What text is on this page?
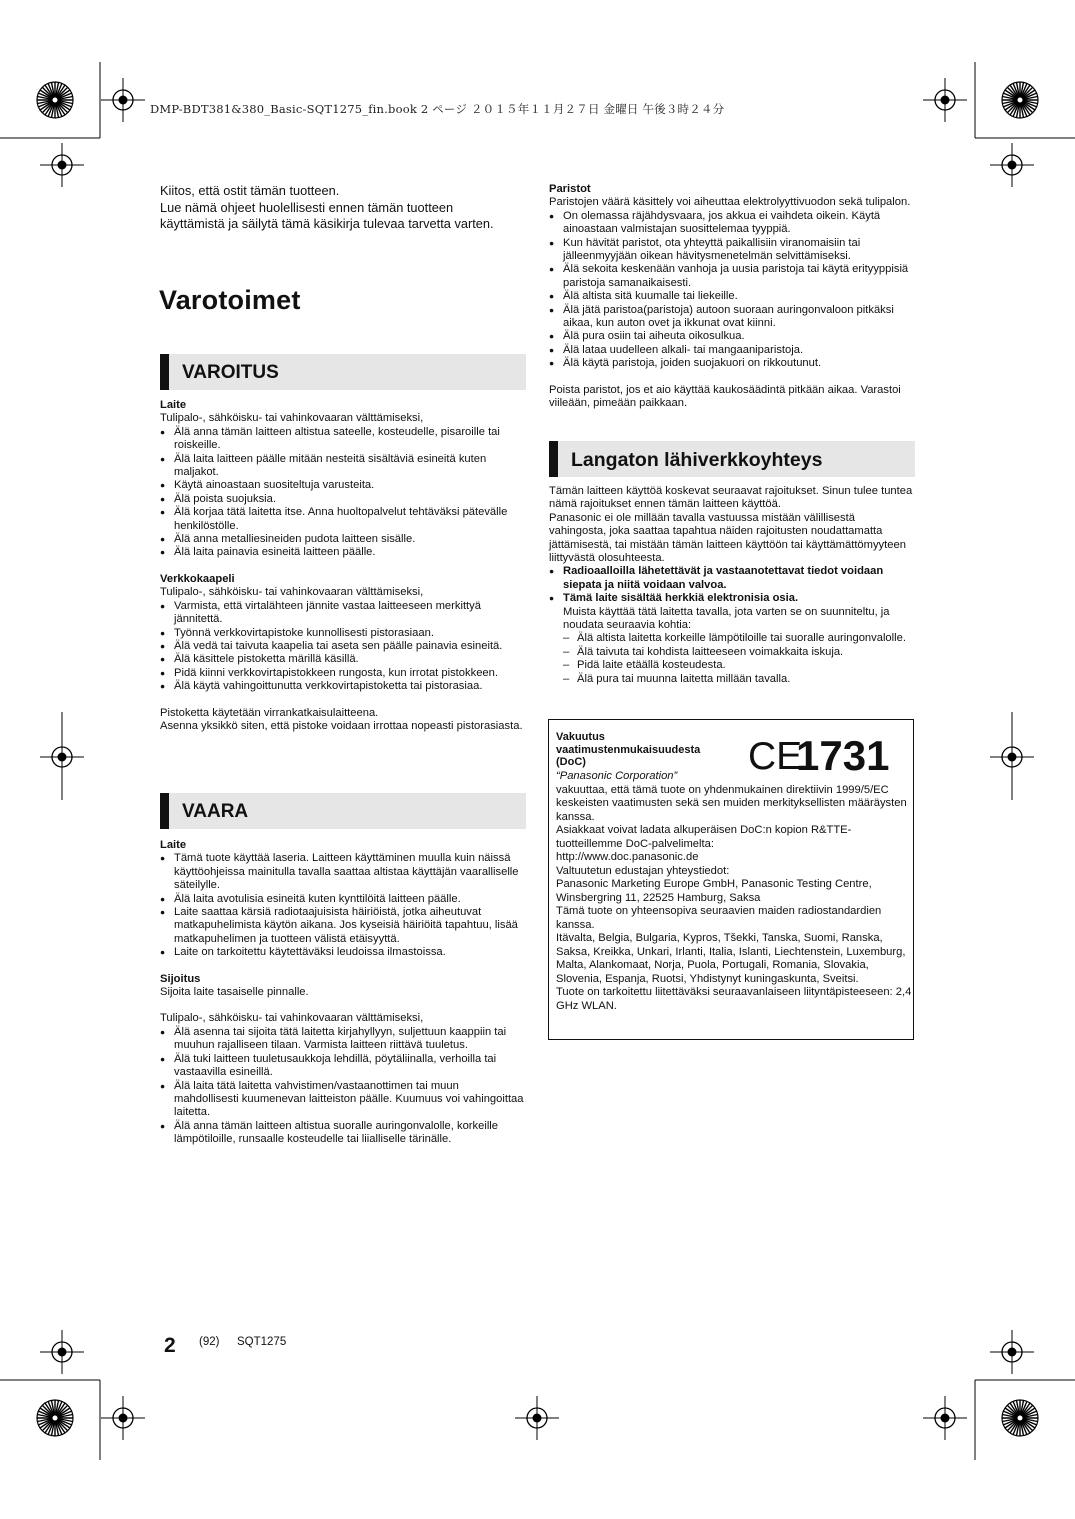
DMP-BDT381&380_Basic-SQT1275_fin.book 2 ページ ２０１５年１１月２７日 金曜日 午後３時２４分
Kiitos, että ostit tämän tuotteen.
Lue nämä ohjeet huolellisesti ennen tämän tuotteen käyttämistä ja säilytä tämä käsikirja tulevaa tarvetta varten.
Varotoimet
VAROITUS

Laite

Tulipalo-, sähköisku- tai vahinkovaaran välttämiseksi,

● Älä anna tämän laitteen altistua sateelle, kosteudelle, pisaroille tai roiskeille.
● Älä laita laitteen päälle mitään nesteitä sisältäviä esineitä kuten maljakot.
● Käytä ainoastaan suositeltuja varusteita.
● Älä poista suojuksia.
● Älä korjaa tätä laitetta itse. Anna huoltopalvelut tehtäväksi pätevälle henkilöstölle.
● Älä anna metalliesineiden pudota laitteen sisälle.
● Älä laita painavia esineitä laitteen päälle.

Verkkokaapeli

Tulipalo-, sähköisku- tai vahinkovaaran välttämiseksi,

● Varmista, että virtalähteen jännite vastaa laitteeseen merkittyä jännitettä.
● Työnnä verkkovirtapistoke kunnollisesti pistorasiaan.
● Älä vedä tai taivuta kaapelia tai aseta sen päälle painavia esineitä.
● Älä käsittele pistoketta märillä käsillä.
● Pidä kiinni verkkovirtapistokkeen rungosta, kun irrotat pistokkeen.
● Älä käytä vahingoittunutta verkkovirtapistoketta tai pistorasiaa.

Pistoketta käytetään virrankatkaisulaitteena.
Asenna yksikkö siten, että pistoke voidaan irrottaa nopeasti pistorasiasta.

VAARA

Laite

● Tämä tuote käyttää laseria. Laitteen käyttäminen muulla kuin näissä käyttöohjeissa mainitulla tavalla saattaa altistaa käyttäjän vaaralliselle säteilylle.
● Älä laita avotulisia esineitä kuten kynttilöitä laitteen päälle.
● Laite saattaa kärsiä radiotaajuisista häiriöistä, jotka aiheutuvat matkapuhelimista käytön aikana. Jos kyseisiä häiriöitä tapahtuu, lisää matkapuhelimen ja tuotteen välistä etäisyyttä.
● Laite on tarkoitettu käytettäväksi leudoissa ilmastoissa.

Sijoitus

Sijoita laite tasaiselle pinnalle.

Tulipalo-, sähköisku- tai vahinkovaaran välttämiseksi,

● Älä asenna tai sijoita tätä laitetta kirjahyllyyn, suljettuun kaappiin tai muuhun rajalliseen tilaan. Varmista laitteen riittävä tuuletus.
● Älä tuki laitteen tuuletusaukkoja lehdillä, pöytäliinalla, verhoilla tai vastaavilla esineillä.
● Älä laita tätä laitetta vahvistimen/vastaanottimen tai muun mahdollisesti kuumenevan laitteiston päälle. Kuumuus voi vahingoittaa laitetta.
● Älä anna tämän laitteen altistua suoralle auringonvalolle, korkeille lämpötiloille, runsaalle kosteudelle tai liialliselle tärinälle.

Paristot

Paristojen väärä käsittely voi aiheuttaa elektrolyyttivuodon sekä tulipalon.

● On olemassa räjähdysvaara, jos akkua ei vaihdeta oikein. Käytä ainoastaan valmistajan suosittelemaa tyyppiä.
● Kun hävität paristot, ota yhteyttä paikallisiin viranomaisiin tai jälleenmyyjään oikean hävitysmenetelmän selvittämiseksi.
● Älä sekoita keskenään vanhoja ja uusia paristoja tai käytä erityyppisiä paristoja samanaikaisesti.
● Älä altista sitä kuumalle tai liekeille.
● Älä jätä paristoa(paristoja) autoon suoraan auringonvaloon pitkäksi aikaa, kun auton ovet ja ikkunat ovat kiinni.
● Älä pura osiin tai aiheuta oikosulkua.
● Älä lataa uudelleen alkali- tai mangaaniparistoja.
● Älä käytä paristoja, joiden suojakuori on rikkoutunut.

Poista paristot, jos et aio käyttää kaukosäädintä pitkään aikaa. Varastoi viileään, pimeään paikkaan.

Langaton lähiverkkoyhteys

Tämän laitteen käyttöä koskevat seuraavat rajoitukset. Sinun tulee tuntea nämä rajoitukset ennen tämän laitteen käyttöä.
Panasonic ei ole millään tavalla vastuussa mistään välillisestä vahingosta, joka saattaa tapahtua näiden rajoitusten noudattamatta jättämisestä, tai mistään tämän laitteen käyttöön tai käyttämättömyyteen liittyvästä olosuhteesta.

● Radioaalloilla lähetettävät ja vastaanotettavat tiedot voidaan siepata ja niitä voidaan valvoa.
● Tämä laite sisältää herkkiä elektronisia osia.
Muista käyttää tätä laitetta tavalla, jota varten se on suunniteltu, ja noudata seuraavia kohtia:
– Älä altista laitetta korkeille lämpötiloille tai suoralle auringonvalolle.
– Älä taivuta tai kohdista laitteeseen voimakkaita iskuja.
– Pidä laite etäällä kosteudesta.
– Älä pura tai muunna laitetta millään tavalla.
Vakuutus
vaatimustenmukaisuudesta
(DoC)	CE
1731
“Panasonic Corporation”
vakuuttaa, että tämä tuote on yhdenmukainen direktiivin 1999/5/EC keskeisten vaatimusten sekä sen muiden merkityksellisten määräysten kanssa.
Asiakkaat voivat ladata alkuperäisen DoC:n kopion R&TTE-tuotteillemme DoC-palvelimelta:
http://www.doc.panasonic.de
Valtuutetun edustajan yhteystiedot:
Panasonic Marketing Europe GmbH, Panasonic Testing Centre, Winsbergring 11, 22525 Hamburg, Saksa
Tämä tuote on yhteensopiva seuraavien maiden radiostandardien kanssa.
Itävalta, Belgia, Bulgaria, Kypros, Tšekki, Tanska, Suomi, Ranska, Saksa, Kreikka, Unkari, Irlanti, Italia, Islanti, Liechtenstein, Luxemburg, Malta, Alankomaat, Norja, Puola, Portugali, Romania, Slovakia, Slovenia, Espanja, Ruotsi, Yhdistynyt kuningaskunta, Sveitsi.
Tuote on tarkoitettu liitettäväksi seuraavanlaiseen liityntäpisteeseen: 2,4 GHz WLAN.
2 (92) SQT1275
